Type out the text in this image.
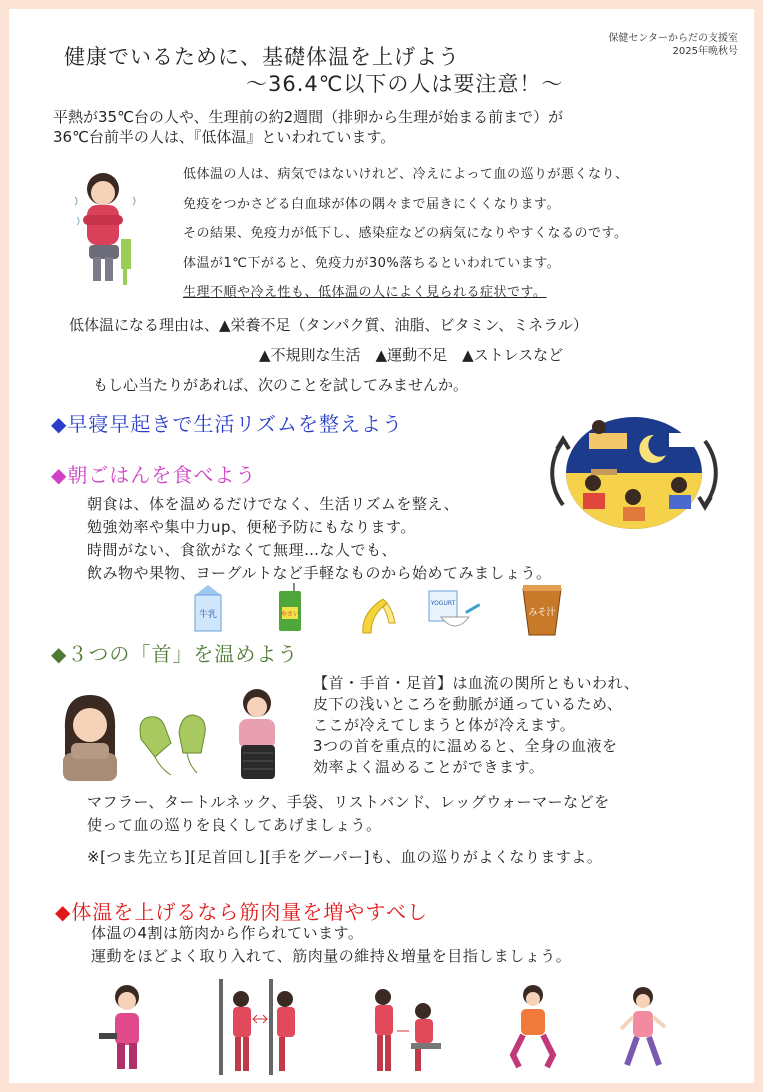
保健センターからだの支援室
2025年晩秋号
健康でいるために、基礎体温を上げよう
～36.4℃以下の人は要注意！～
平熱が35℃台の人や、生理前の約2週間（排卵から生理が始まる前まで）が
36℃台前半の人は、『低体温』といわれています。
低体温の人は、病気ではないけれど、冷えによって血の巡りが悪くなり、
免疫をつかさどる白血球が体の隅々まで届きにくくなります。
その結果、免疫力が低下し、感染症などの病気になりやすくなるのです。
体温が1℃下がると、免疫力が30%落ちるといわれています。
生理不順や冷え性も、低体温の人によく見られる症状です。
低体温になる理由は、▲栄養不足（タンパク質、油脂、ビタミン、ミネラル）
▲不規則な生活　▲運動不足　▲ストレスなど
もし心当たりがあれば、次のことを試してみませんか。
◆早寝早起きで生活リズムを整えよう
◆朝ごはんを食べよう
朝食は、体を温めるだけでなく、生活リズムを整え、
勉強効率や集中力up、便秘予防にもなります。
時間がない、食欲がなくて無理…な人でも、
飲み物や果物、ヨーグルトなど手軽なものから始めてみましょう。
牛乳	やさい
YOGURT
みそ汁
◆３つの「首」を温めよう
【首・手首・足首】は血流の関所ともいわれ、
皮下の浅いところを動脈が通っているため、
ここが冷えてしまうと体が冷えます。
3つの首を重点的に温めると、全身の血液を
効率よく温めることができます。
マフラー、タートルネック、手袋、リストバンド、レッグウォーマーなどを
使って血の巡りを良くしてあげましょう。
※[つま先立ち][足首回し][手をグーパー]も、血の巡りがよくなりますよ。
◆体温を上げるなら筋肉量を増やすべし
体温の4割は筋肉から作られています。
運動をほどよく取り入れて、筋肉量の維持＆増量を目指しましょう。
